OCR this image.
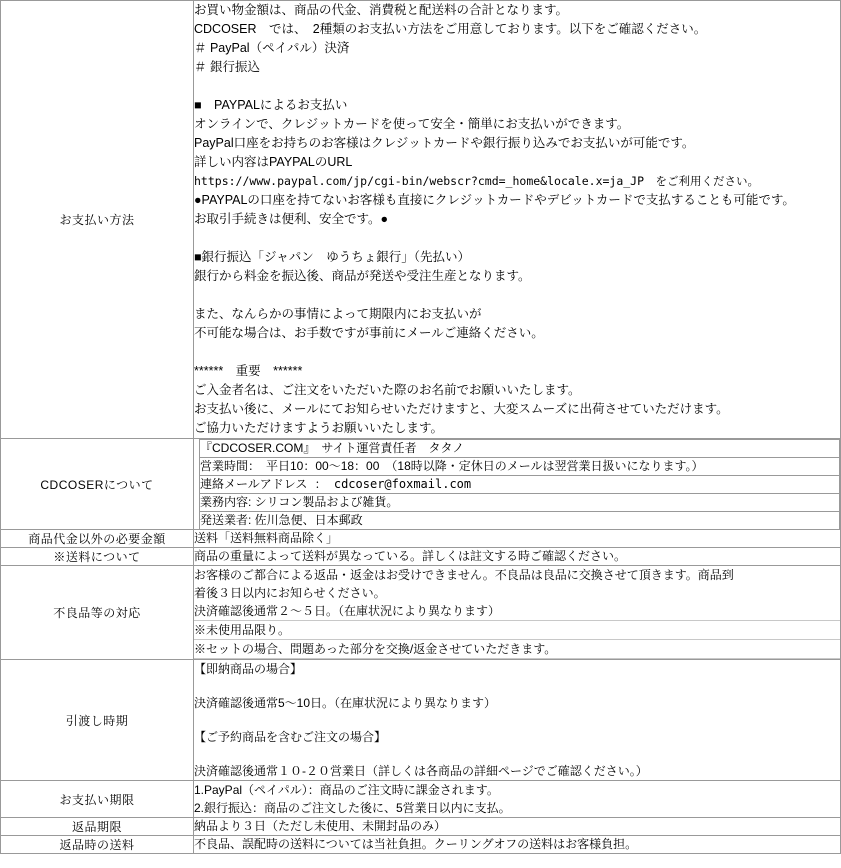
お支払い方法	
お買い物金額は、商品の代金、消費税と配送料の合計となります。
CDCOSER　では、　2種類のお支払い方法をご用意しております。以下をご確認ください。
＃ PayPal（ペイパル）決済
＃ 銀行振込
■　PAYPALによるお支払い
オンラインで、クレジットカードを使って安全・簡単にお支払いができます。
PayPal口座をお持ちのお客様はクレジットカードや銀行振り込みでお支払いが可能です。
詳しい内容はPAYPALのURL
https://www.paypal.com/jp/cgi-bin/webscr?cmd=_home&locale.x=ja_JP　をご利用ください。
●PAYPALの口座を持てないお客様も直接にクレジットカードやデビットカードで支払することも可能です。
お取引手続きは便利、安全です。●
■銀行振込「ジャパン　ゆうちょ銀行」（先払い）
銀行から料金を振込後、商品が発送や受注生産となります。
また、なんらかの事情によって期限内にお支払いが
不可能な場合は、お手数ですが事前にメールご連絡ください。
******　重要　******
ご入金者名は、ご注文をいただいた際のお名前でお願いいたします。
お支払い後に、メールにてお知らせいただけますと、大変スムーズに出荷させていただけます。
ご協力いただけますようお願いいたします。

CDCOSERについて	
『CDCOSER.COM』　サイト運営責任者　タタノ
営業時間：　平日10：00～18：00　（18時以降・定休日のメールは翌営業日扱いになります。）
連絡メールアドレス ： cdcoser@foxmail.com
業務内容: シリコン製品および雑貨。
発送業者: 佐川急便、日本郵政

商品代金以外の必要金額	送料「送料無料商品除く」
※送料について	商品の重量によって送料が異なっている。詳しくは註文する時ご確認ください。
不良品等の対応	
お客様のご都合による返品・返金はお受けできません。不良品は良品に交換させて頂きます。商品到
着後３日以内にお知らせください。
決済確認後通常２～５日。（在庫状況により異なります）
※未使用品限り。
※セットの場合、問題あった部分を交換/返金させていただきます。

引渡し時期	
【即納商品の場合】
決済確認後通常5～10日。（在庫状況により異なります）
【ご予約商品を含むご注文の場合】
決済確認後通常１０-２０営業日（詳しくは各商品の詳細ページでご確認ください。）

お支払い期限	
1.PayPal（ペイパル）：商品のご注文時に課金されます。
2.銀行振込：商品のご注文した後に、5営業日以内に支払。

返品期限	納品より３日（ただし未使用、未開封品のみ）
返品時の送料	不良品、誤配時の送料については当社負担。クーリングオフの送料はお客様負担。
